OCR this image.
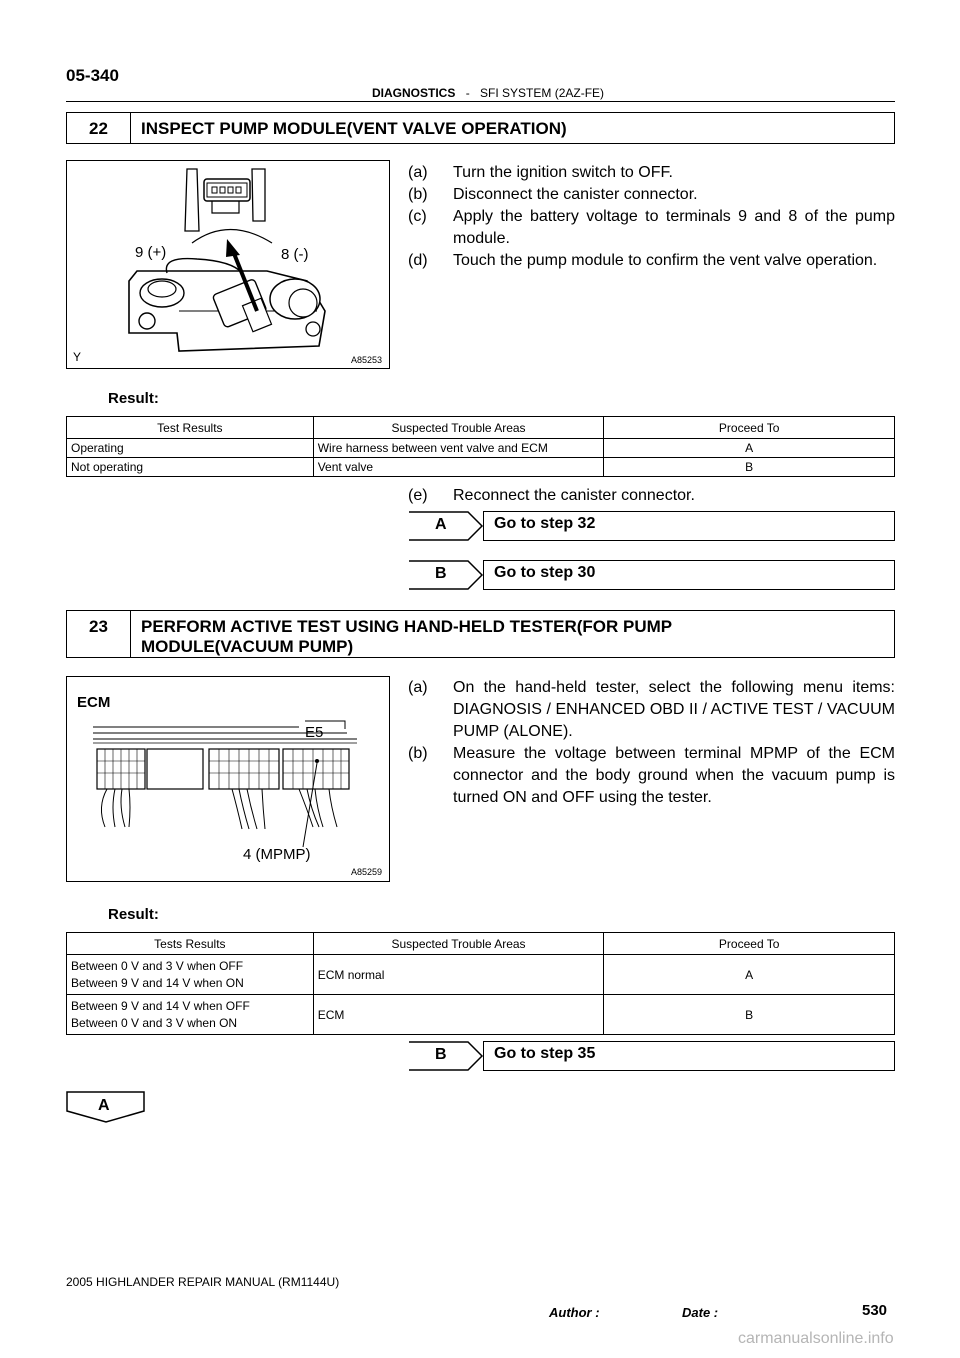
05-340
DIAGNOSTICS - SFI SYSTEM (2AZ-FE)
22	INSPECT PUMP MODULE(VENT VALVE OPERATION)
9 (+)	8 (-)
Y	A85253
(a)	Turn the ignition switch to OFF.
(b)	Disconnect the canister connector.
(c)	Apply the battery voltage to terminals 9 and 8 of the pump module.
(d)	Touch the pump module to confirm the vent valve operation.
Result:
Test Results	Suspected Trouble Areas	Proceed To
Operating	Wire harness between vent valve and ECM	A
Not operating	Vent valve	B
(e)	Reconnect the canister connector.
A	Go to step 32
B	Go to step 30
23	PERFORM ACTIVE TEST USING HAND-HELD TESTER(FOR PUMP
MODULE(VACUUM PUMP)
ECM
E5
4 (MPMP)
A85259
(a)	On the hand-held tester, select the following menu items: DIAGNOSIS / ENHANCED OBD II / ACTIVE TEST / VACUUM PUMP (ALONE).
(b)	Measure the voltage between terminal MPMP of the ECM connector and the body ground when the vacuum pump is turned ON and OFF using the tester.
Result:
Tests Results	Suspected Trouble Areas	Proceed To

Between 0 V and 3 V when OFF
Between 9 V and 14 V when ON	ECM normal	A

Between 9 V and 14 V when OFF
Between 0 V and 3 V when ON	ECM	B
B	Go to step 35
A
2005 HIGHLANDER REPAIR MANUAL (RM1144U)
Author :	Date :	530
carmanualsonline.info
